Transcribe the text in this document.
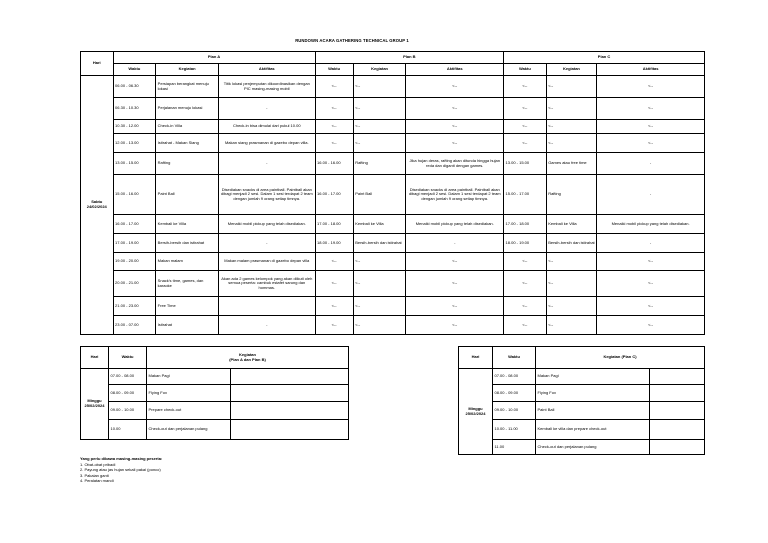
RUNDOWN ACARA GATHERING TECHNICAL GROUP 1
Hari	Plan A			Plan B			Plan C		
	Waktu	Kegiatan	Aktifitas	Waktu	Kegiatan	Aktifitas	Waktu	Kegiatan	Aktifitas
Sabtu
24/02/2024	06.00 - 06.30	Persiapan berangkat menuju lokasi	Titik lokasi penjemputan dikoordinasikan dengan PIC masing-masing mobil	<--	<--	<--	<--	<--	<--
	06.30 - 10.30	Perjalanan menuju lokasi	-	<--	<--	<--	<--	<--	<--
	10.30 - 12.00	Check-in Villa	Check-in bisa dimulai dari pukul 10.00	<--	<--	<--	<--	<--	<--
	12.00 - 13.00	Istirahat - Makan Siang	Makan siang prasmanan di gazebo depan villa.	<--	<--	<--	<--	<--	<--
	13.00 - 15.00	Rafting	-	16.00 - 16.00	Rafting	Jika hujan deras, rafting akan ditunda hingga hujan reda dan diganti dengan games.	13.00 - 15.00	Games atau free time	-
	15.00 - 16.00	Paint Ball	Disediakan snacks di area paintball. Paintball akan dibagi menjadi 2 sesi. Dalam 1 sesi terdapat 2 team dengan jumlah 9 orang setiap timnya.	16.00 - 17.00	Paint Ball	Disediakan snacks di area paintball. Paintball akan dibagi menjadi 2 sesi. Dalam 1 sesi terdapat 2 team dengan jumlah 9 orang setiap timnya.	15.00 - 17.00	Rafting	-
	16.00 - 17.00	Kembali ke Villa	Menaiki mobil pickup yang telah disediakan.	17.00 - 18.00	Kembali ke Villa	Menaiki mobil pickup yang telah disediakan.	17.00 - 18.00	Kembali ke Villa	Menaiki mobil pickup yang telah disediakan.
	17.00 - 19.00	Bersih-bersih dan istirahat	-	18.00 - 19.00	Bersih-bersih dan istirahat	-	18.00 - 19.00	Bersih-bersih dan istirahat	-
	19.00 - 20.00	Makan malam	Makan malam prasmanan di gazebo depan villa	<--	<--	<--	<--	<--	<--
	20.00 - 21.00	Snack's time, games, dan karaoke	Akan ada 2 games kelompok yang akan diikuti oleh semua peserta: cambuk estafet sarung dan hommas.	<--	<--	<--	<--	<--	<--
	21.00 - 23.00	Free Time		<--	<--	<--	<--	<--	<--
	23.00 - 07.00	Istirahat	-	<--	<--	<--	<--	<--	<--
Hari	Waktu	Kegiatan
(Plan A dan Plan B)	
Minggu
25/02/2024	07.00 - 08.00	Makan Pagi	
	08.00 - 09.00	Flying Fox	
	09.00 - 10.00	Prepare check-out	
	10.00	Check-out dan perjalanan pulang	
Hari	Waktu	Kegiatan (Plan C)	
Minggu
25/02/2024	07.00 - 08.00	Makan Pagi	
	08.00 - 09.00	Flying Fox	
	09.00 - 10.00	Paint Ball	
	10.00 - 11.00	Kembali ke villa dan prepare check-out	
	11.00	Check-out dan perjalanan pulang	
Yang perlu dibawa masing-masing peserta:
1. Obat-obat pribadi
2. Payung atau jas hujan sekali pakai (ponco)
3. Pakaian ganti
4. Peralatan mandi
